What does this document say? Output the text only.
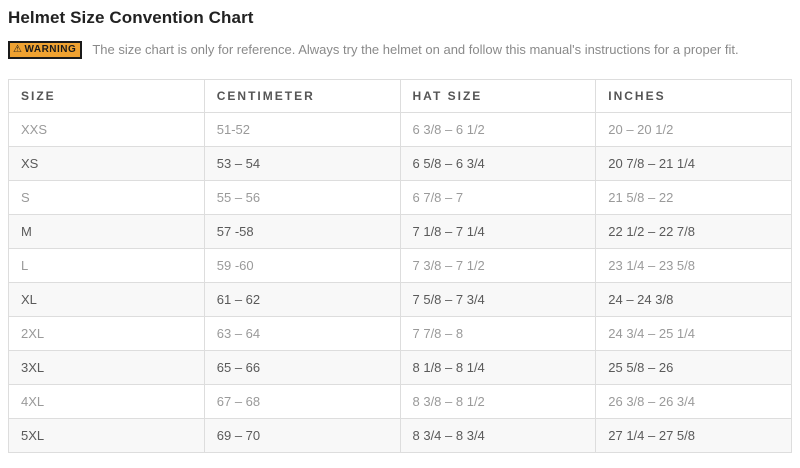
Helmet Size Convention Chart
⚠ WARNING The size chart is only for reference. Always try the helmet on and follow this manual's instructions for a proper fit.
SIZE	CENTIMETER	HAT SIZE	INCHES
XXS	51-52	6 3/8 – 6 1/2	20 – 20 1/2
XS	53 – 54	6 5/8 – 6 3/4	20 7/8 – 21 1/4
S	55 – 56	6 7/8 – 7	21 5/8 – 22
M	57 -58	7 1/8 – 7 1/4	22 1/2 – 22 7/8
L	59 -60	7 3/8 – 7 1/2	23 1/4 – 23 5/8
XL	61 – 62	7 5/8 – 7 3/4	24 – 24 3/8
2XL	63 – 64	7 7/8 – 8	24 3/4 – 25 1/4
3XL	65 – 66	8 1/8 – 8 1/4	25 5/8 – 26
4XL	67 – 68	8 3/8 – 8 1/2	26 3/8 – 26 3/4
5XL	69 – 70	8 3/4 – 8 3/4	27 1/4 – 27 5/8
